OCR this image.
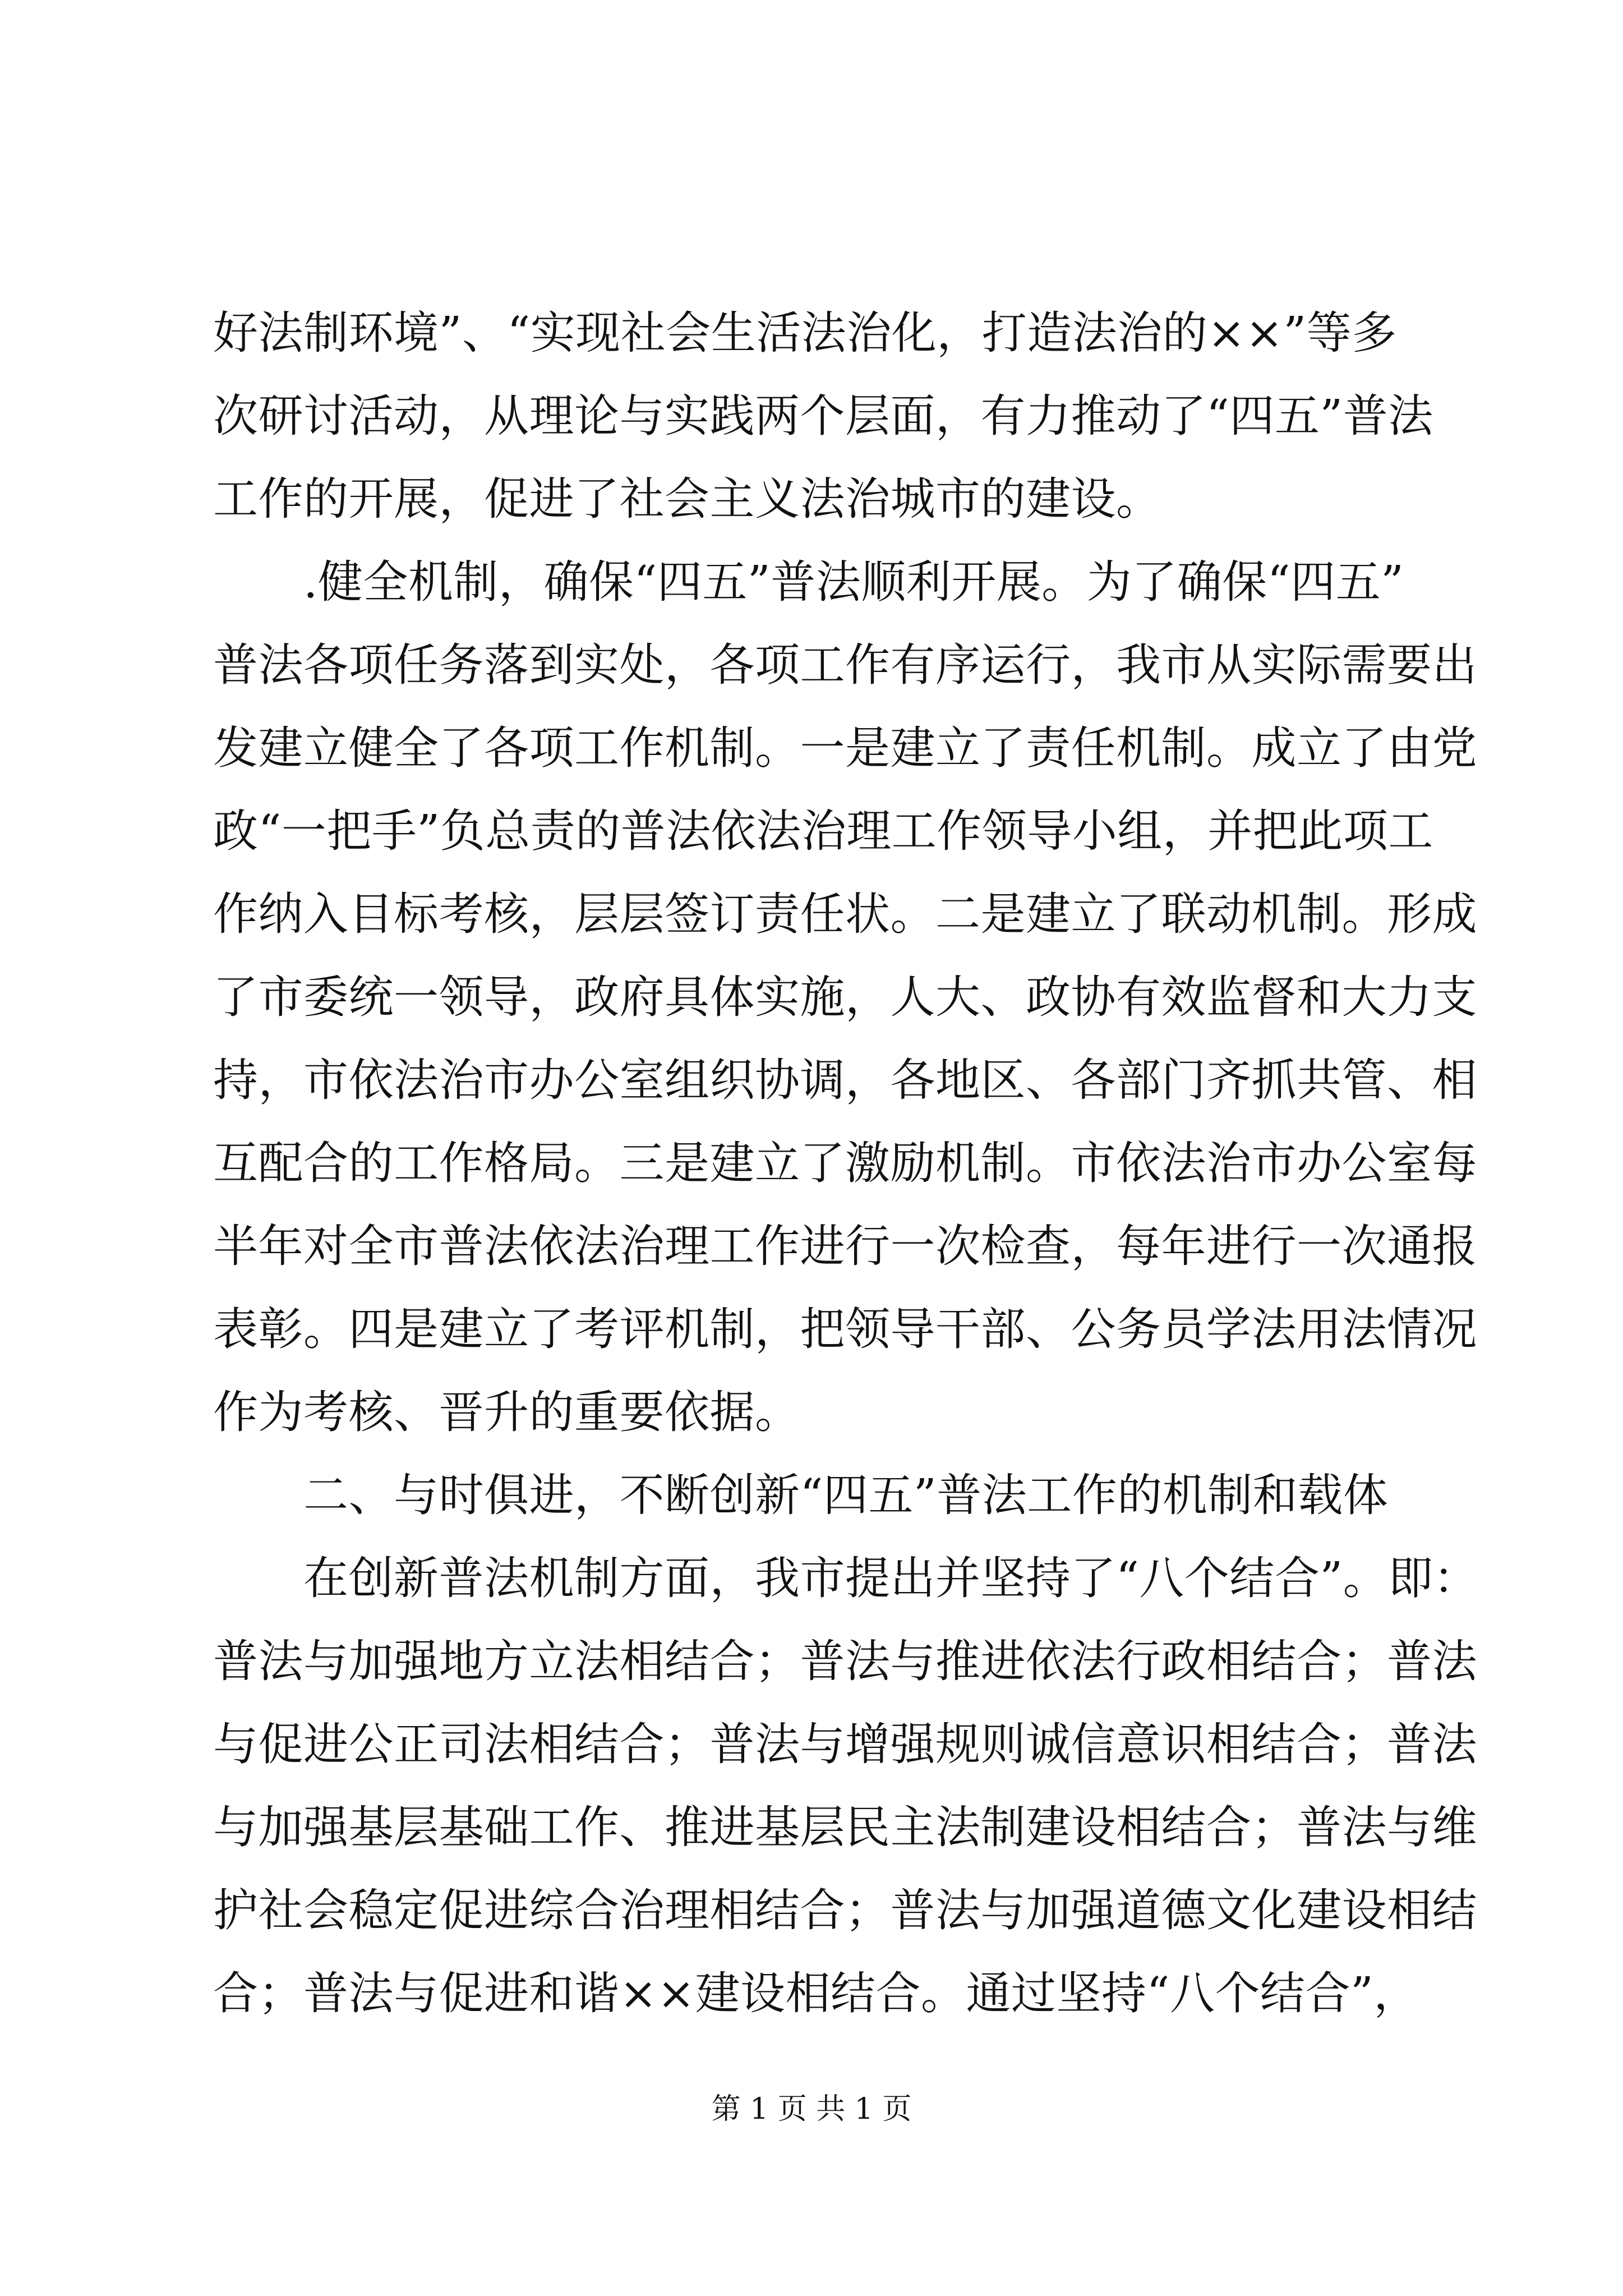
好法制环境”、“实现社会生活法治化，打造法治的××”等多

次研讨活动，从理论与实践两个层面，有力推动了“四五”普法

工作的开展，促进了社会主义法治城市的建设。

　　.健全机制，确保“四五”普法顺利开展。为了确保“四五”

普法各项任务落到实处，各项工作有序运行，我市从实际需要出

发建立健全了各项工作机制。一是建立了责任机制。成立了由党

政“一把手”负总责的普法依法治理工作领导小组，并把此项工

作纳入目标考核，层层签订责任状。二是建立了联动机制。形成

了市委统一领导，政府具体实施，人大、政协有效监督和大力支

持，市依法治市办公室组织协调，各地区、各部门齐抓共管、相

互配合的工作格局。三是建立了激励机制。市依法治市办公室每

半年对全市普法依法治理工作进行一次检查，每年进行一次通报

表彰。四是建立了考评机制，把领导干部、公务员学法用法情况

作为考核、晋升的重要依据。

　　二、与时俱进，不断创新“四五”普法工作的机制和载体

　　在创新普法机制方面，我市提出并坚持了“八个结合”。即：

普法与加强地方立法相结合；普法与推进依法行政相结合；普法

与促进公正司法相结合；普法与增强规则诚信意识相结合；普法

与加强基层基础工作、推进基层民主法制建设相结合；普法与维

护社会稳定促进综合治理相结合；普法与加强道德文化建设相结

合；普法与促进和谐××建设相结合。通过坚持“八个结合”，

第 1 页 共 1 页
